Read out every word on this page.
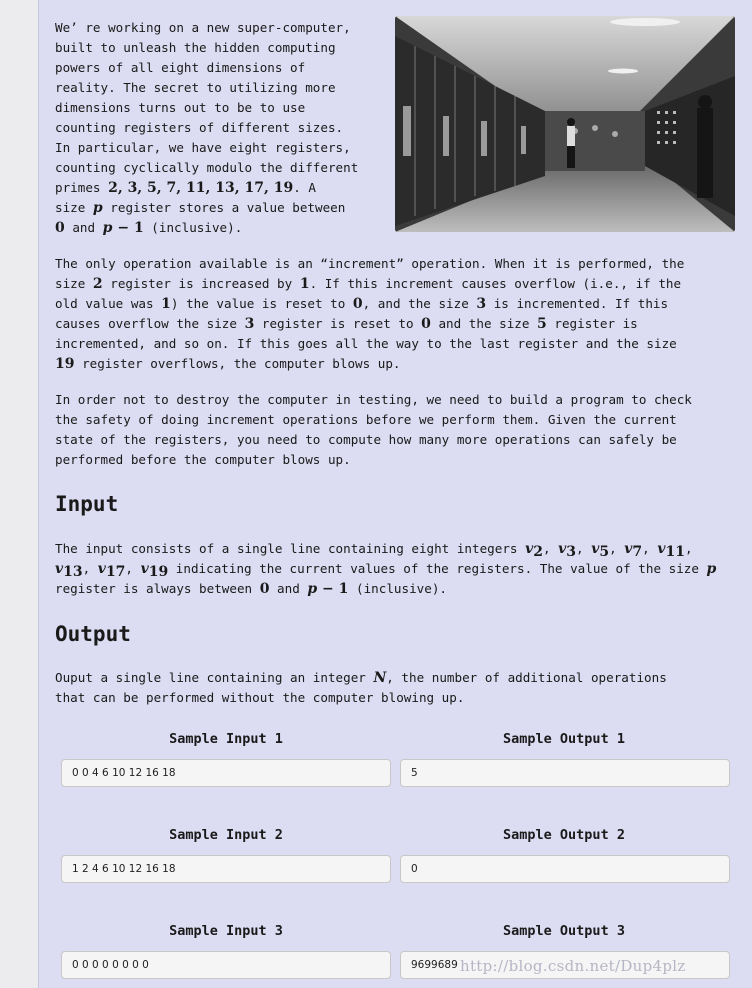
We’ re working on a new super-computer,
built to unleash the hidden computing
powers of all eight dimensions of
reality. The secret to utilizing more
dimensions turns out to be to use
counting registers of different sizes.
In particular, we have eight registers,
counting cyclically modulo the different
primes 2, 3, 5, 7, 11, 13, 17, 19. A
size p register stores a value between
0 and p − 1 (inclusive).
The only operation available is an “increment” operation. When it is performed, the
size 2 register is increased by 1. If this increment causes overflow (i.e., if the
old value was 1) the value is reset to 0, and the size 3 is incremented. If this
causes overflow the size 3 register is reset to 0 and the size 5 register is
incremented, and so on. If this goes all the way to the last register and the size
19 register overflows, the computer blows up.
In order not to destroy the computer in testing, we need to build a program to check
the safety of doing increment operations before we perform them. Given the current
state of the registers, you need to compute how many more operations can safely be
performed before the computer blows up.
Input
The input consists of a single line containing eight integers $v_2$, $v_3$, $v_5$, $v_7$, $v_{11}$,
$v_{13}$, $v_{17}$, $v_{19}$ indicating the current values of the registers. The value of the size p
register is always between 0 and p − 1 (inclusive).
Output
Ouput a single line containing an integer N, the number of additional operations
that can be performed without the computer blowing up.
Sample Input 1	Sample Output 1
0 0 4 6 10 12 16 18	5
Sample Input 2	Sample Output 2
1 2 4 6 10 12 16 18	0
Sample Input 3	Sample Output 3
0 0 0 0 0 0 0 0	9699689 http://blog.csdn.net/Dup4plz
